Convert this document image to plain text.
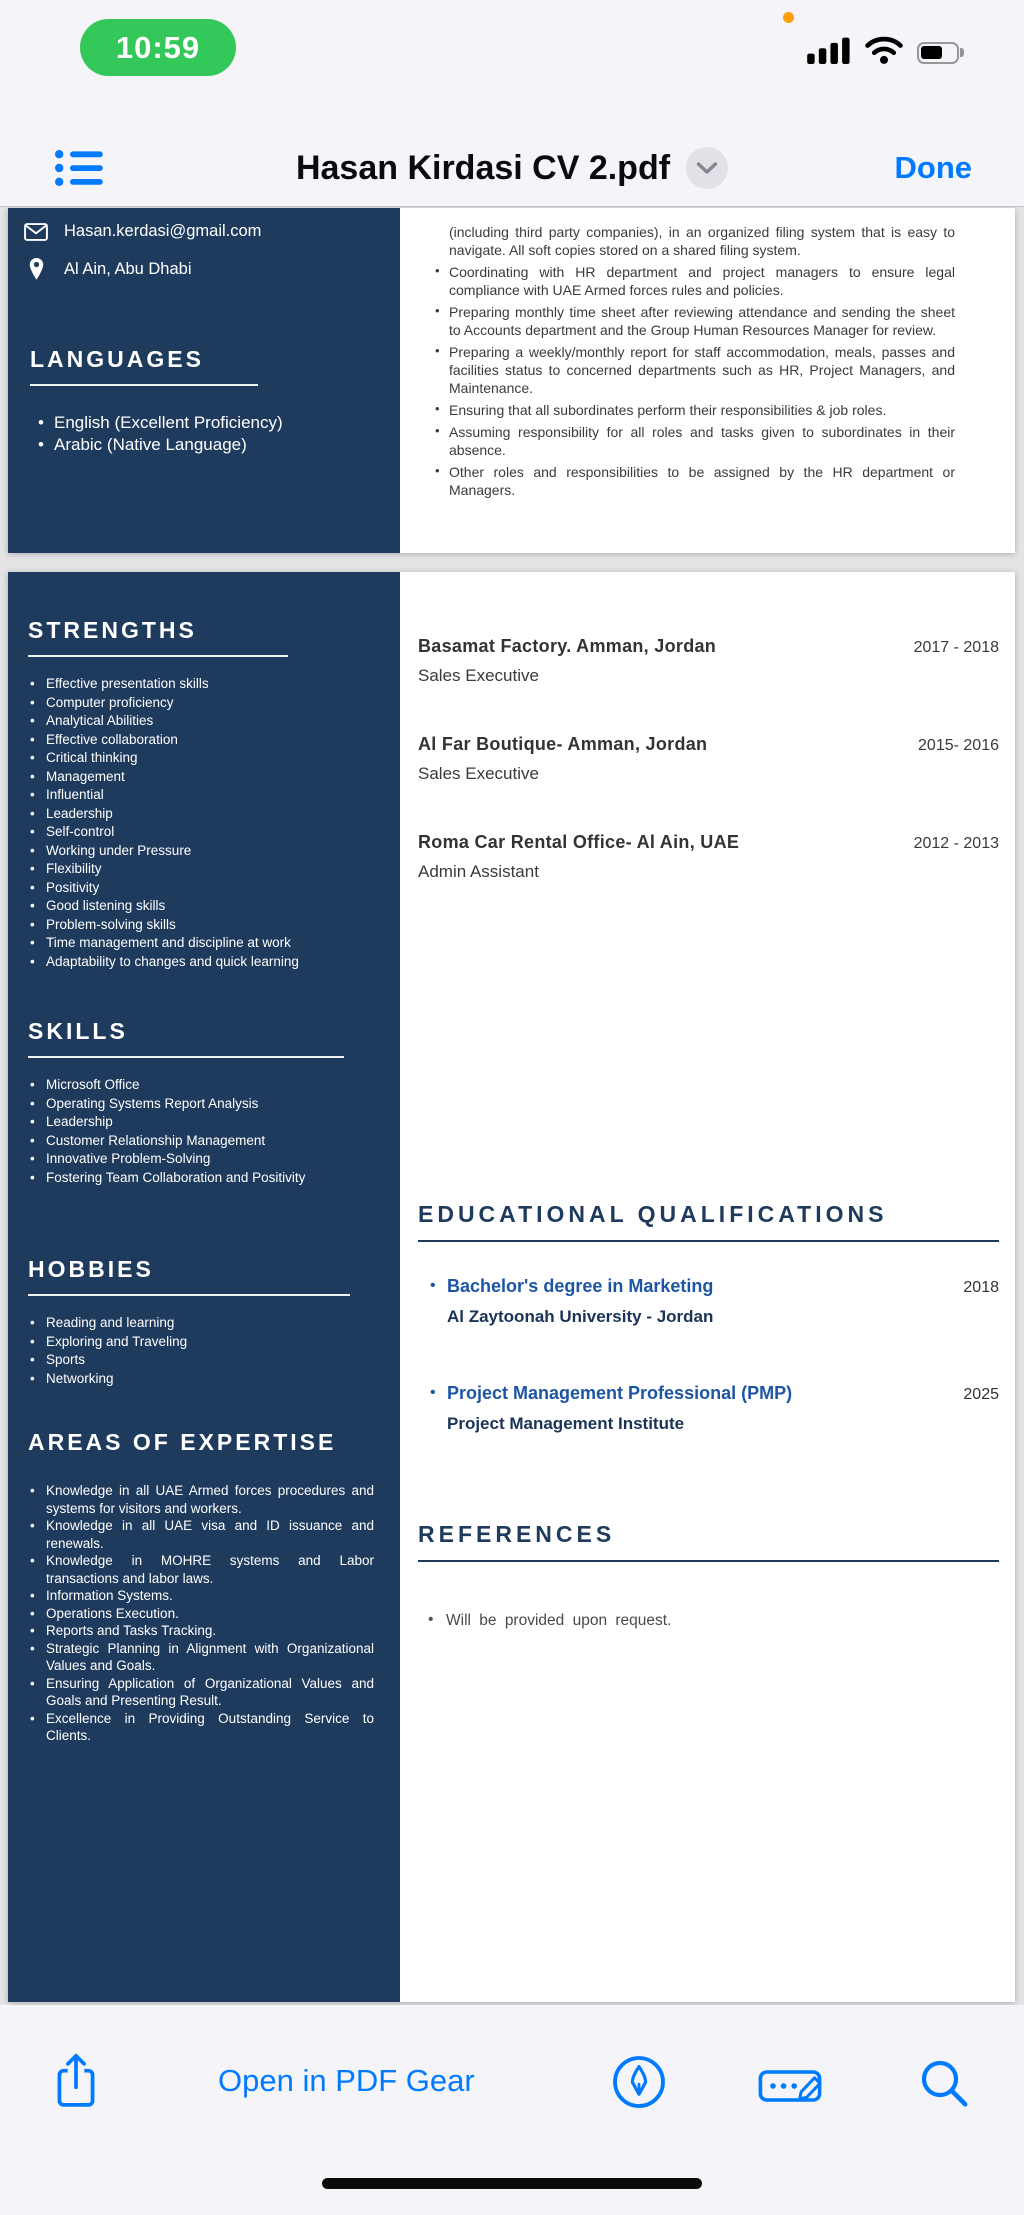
10:59
Hasan Kirdasi CV 2.pdf	Done
Hasan.kerdasi@gmail.com
Al Ain, Abu Dhabi
LANGUAGES
• English (Excellent Proficiency)
• Arabic (Native Language)

(including third party companies), in an organized filing system that is easy to navigate. All soft copies stored on a shared filing system.

• Coordinating with HR department and project managers to ensure legal compliance with UAE Armed forces rules and policies.
• Preparing monthly time sheet after reviewing attendance and sending the sheet to Accounts department and the Group Human Resources Manager for review.
• Preparing a weekly/monthly report for staff accommodation, meals, passes and facilities status to concerned departments such as HR, Project Managers, and Maintenance.
• Ensuring that all subordinates perform their responsibilities & job roles.
• Assuming responsibility for all roles and tasks given to subordinates in their absence.
• Other roles and responsibilities to be assigned by the HR department or Managers.
STRENGTHS
• Effective presentation skills
• Computer proficiency
• Analytical Abilities
• Effective collaboration
• Critical thinking
• Management
• Influential
• Leadership
• Self-control
• Working under Pressure
• Flexibility
• Positivity
• Good listening skills
• Problem-solving skills
• Time management and discipline at work
• Adaptability to changes and quick learning
SKILLS
• Microsoft Office
• Operating Systems Report Analysis
• Leadership
• Customer Relationship Management
• Innovative Problem-Solving
• Fostering Team Collaboration and Positivity
HOBBIES
• Reading and learning
• Exploring and Traveling
• Sports
• Networking
AREAS OF EXPERTISE
• Knowledge in all UAE Armed forces procedures and systems for visitors and workers.
• Knowledge in all UAE visa and ID issuance and renewals.
• Knowledge in MOHRE systems and Labor transactions and labor laws.
• Information Systems.
• Operations Execution.
• Reports and Tasks Tracking.
• Strategic Planning in Alignment with Organizational Values and Goals.
• Ensuring Application of Organizational Values and Goals and Presenting Result.
• Excellence in Providing Outstanding Service to Clients.
Basamat Factory. Amman, Jordan	2017 - 2018
Sales Executive
Al Far Boutique- Amman, Jordan	2015- 2016
Sales Executive
Roma Car Rental Office- Al Ain, UAE	2012 - 2013
Admin Assistant
EDUCATIONAL QUALIFICATIONS
• Bachelor's degree in Marketing	2018
Al Zaytoonah University - Jordan
• Project Management Professional (PMP)	2025
Project Management Institute
REFERENCES
• Will be provided upon request.
Open in PDF Gear
